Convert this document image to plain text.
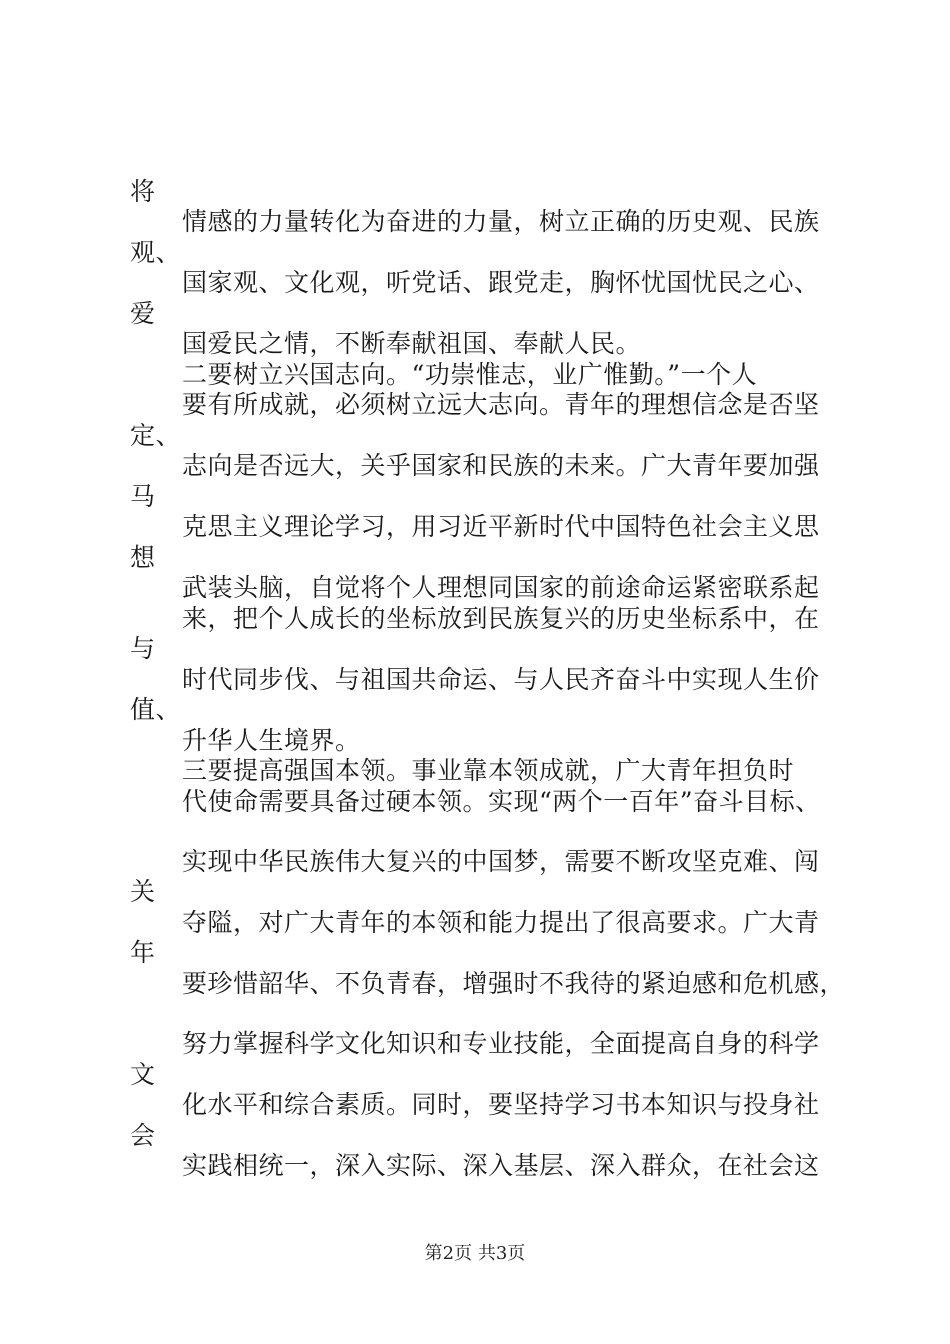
将
情感的力量转化为奋进的力量，树立正确的历史观、民族
观、
国家观、文化观，听党话、跟党走，胸怀忧国忧民之心、
爱
国爱民之情，不断奉献祖国、奉献人民。
二要树立兴国志向。“功崇惟志，业广惟勤。”一个人
要有所成就，必须树立远大志向。青年的理想信念是否坚
定、
志向是否远大，关乎国家和民族的未来。广大青年要加强
马
克思主义理论学习，用习近平新时代中国特色社会主义思
想
武装头脑，自觉将个人理想同国家的前途命运紧密联系起
来，把个人成长的坐标放到民族复兴的历史坐标系中，在
与
时代同步伐、与祖国共命运、与人民齐奋斗中实现人生价
值、
升华人生境界。
三要提高强国本领。事业靠本领成就，广大青年担负时
代使命需要具备过硬本领。实现“两个一百年”奋斗目标、
实现中华民族伟大复兴的中国梦，需要不断攻坚克难、闯
关
夺隘，对广大青年的本领和能力提出了很高要求。广大青
年
要珍惜韶华、不负青春，增强时不我待的紧迫感和危机感，
努力掌握科学文化知识和专业技能，全面提高自身的科学
文
化水平和综合素质。同时，要坚持学习书本知识与投身社
会
实践相统一，深入实际、深入基层、深入群众，在社会这
第2页 共3页
